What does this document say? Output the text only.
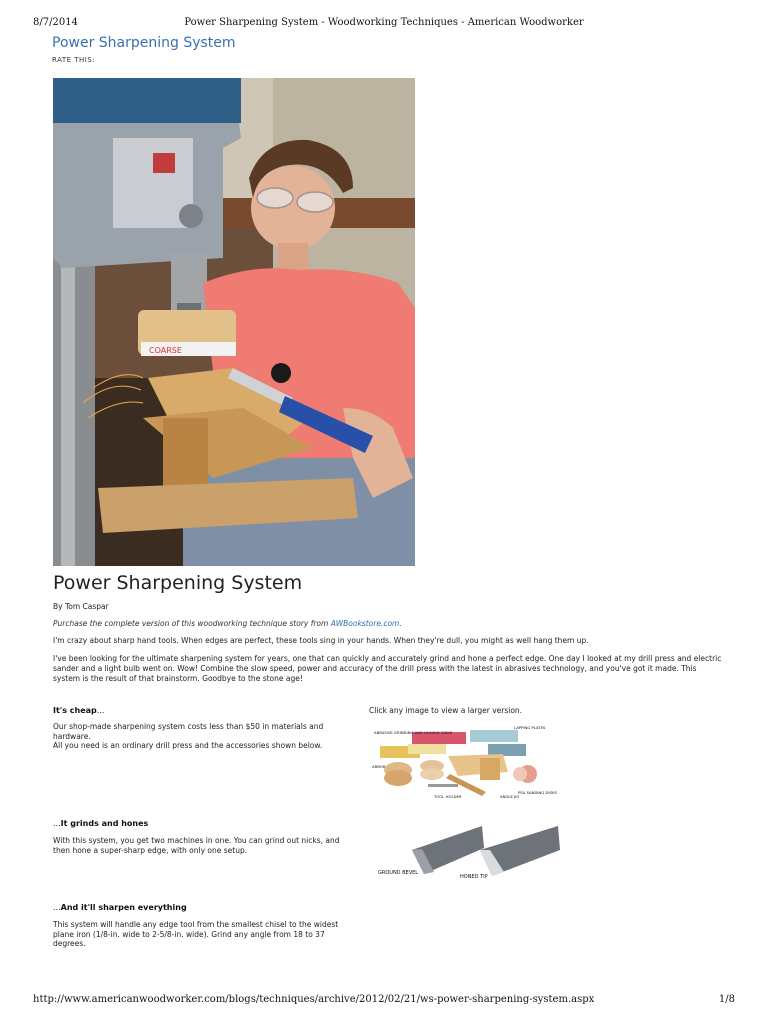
8/7/2014	Power Sharpening System - Woodworking Techniques - American Woodworker
Power Sharpening System
RATE THIS:
COARSE
Power Sharpening System
By Tom Caspar
Purchase the complete version of this woodworking technique story from AWBookstore.com.
I'm crazy about sharp hand tools. When edges are perfect, these tools sing in your hands. When they're dull, you might as well hang them up.
I've been looking for the ultimate sharpening system for years, one that can quickly and accurately grind and hone a perfect edge. One day I looked at my drill press and electric sander and a light bulb went on. Wow! Combine the slow speed, power and accuracy of the drill press with the latest in abrasives technology, and you've got it made. This system is the result of that brainstorm. Goodbye to the stone age!
It's cheap...
Our shop-made sharpening system costs less than $50 in materials and hardware.
All you need is an ordinary drill press and the accessories shown below.
Click any image to view a larger version.
ABRASIVE GRINDING AND HONING DISKS
LAPPING PLATES
ARBOR
PSA SANDING DISKS
TOOL HOLDER	ANGLE JIG
...It grinds and hones
With this system, you get two machines in one. You can grind out nicks, and then hone a super-sharp edge, with only one setup.
GROUND BEVEL
HONED TIP
...And it'll sharpen everything
This system will handle any edge tool from the smallest chisel to the widest plane iron (1/8-in. wide to 2-5/8-in. wide). Grind any angle from 18 to 37 degrees.
http://www.americanwoodworker.com/blogs/techniques/archive/2012/02/21/ws-power-sharpening-system.aspx	1/8
